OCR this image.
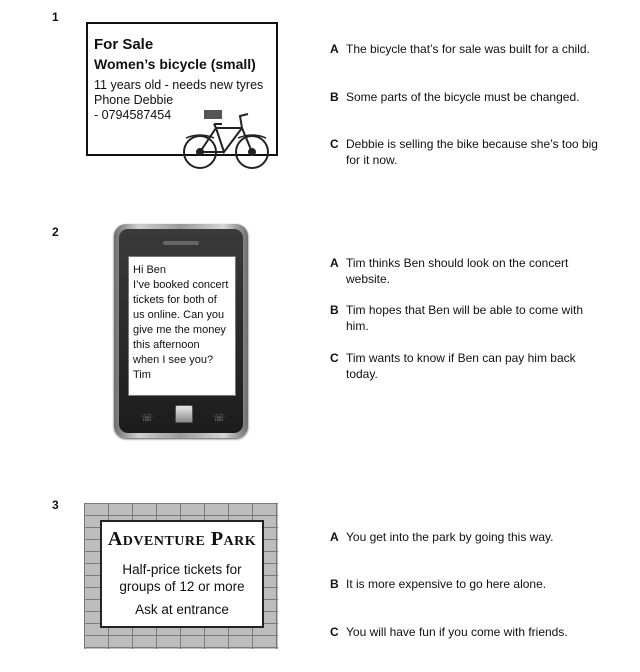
1
For Sale
Women’s bicycle (small)
11 years old - needs new tyres
Phone Debbie
- 0794587454
A The bicycle that’s for sale was built for a child.
B Some parts of the bicycle must be changed.
C Debbie is selling the bike because she’s too big for it now.
2
Hi Ben
I’ve booked concert
tickets for both of
us online. Can you
give me the money
this afternoon
when I see you?
Tim
☏	☏
A Tim thinks Ben should look on the concert website.
B Tim hopes that Ben will be able to come with him.
C Tim wants to know if Ben can pay him back today.
3
Adventure Park
Half-price tickets for
groups of 12 or more
Ask at entrance
A You get into the park by going this way.
B It is more expensive to go here alone.
C You will have fun if you come with friends.
